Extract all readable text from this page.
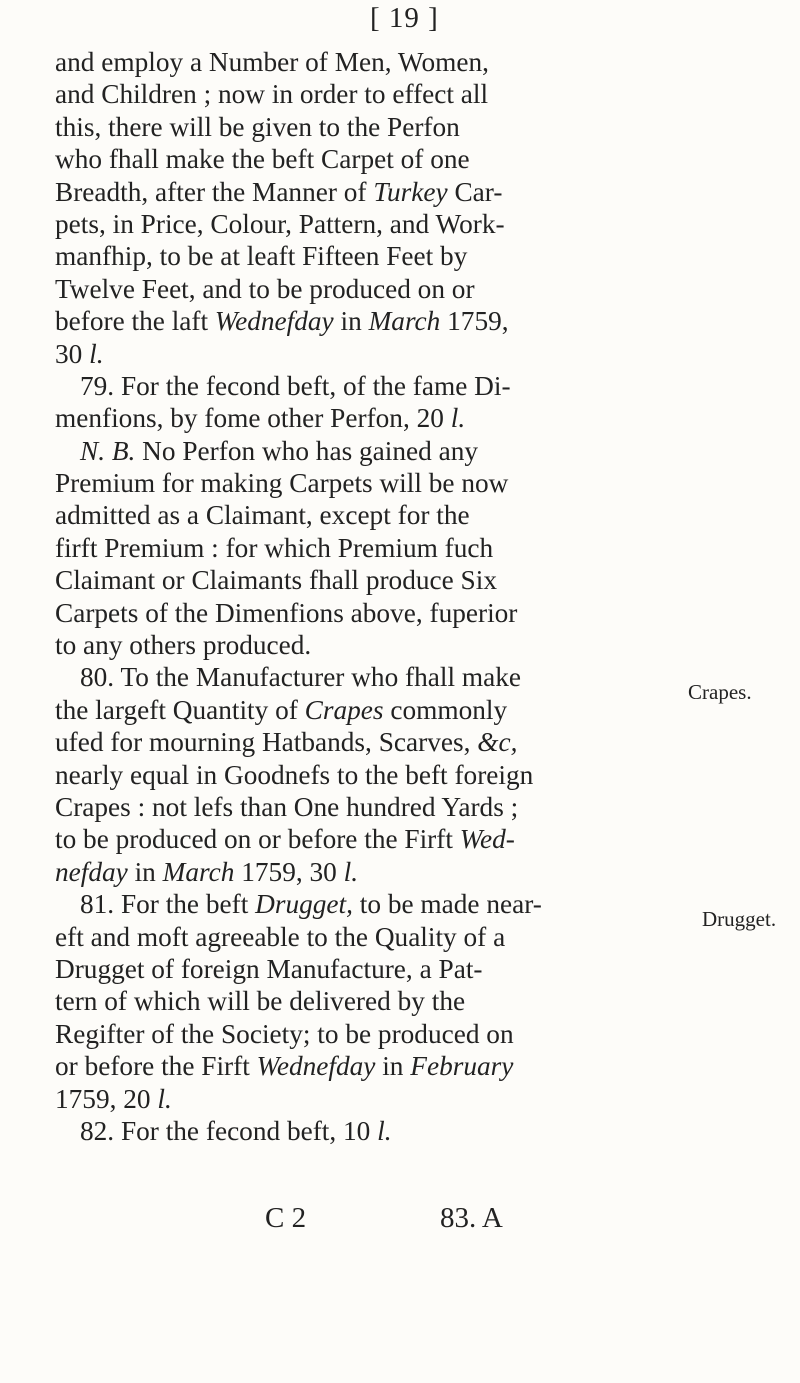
[ 19 ]
and employ a Number of Men, Women,
and Children ; now in order to effect all
this, there will be given to the Perfon
who fhall make the beft Carpet of one
Breadth, after the Manner of Turkey Car-
pets, in Price, Colour, Pattern, and Work-
manfhip, to be at leaft Fifteen Feet by
Twelve Feet, and to be produced on or
before the laft Wednefday in March 1759,
30 l.
79. For the fecond beft, of the fame Di-
menfions, by fome other Perfon, 20 l.
N. B. No Perfon who has gained any
Premium for making Carpets will be now
admitted as a Claimant, except for the
firft Premium : for which Premium fuch
Claimant or Claimants fhall produce Six
Carpets of the Dimenfions above, fuperior
to any others produced.
80. To the Manufacturer who fhall make
the largeft Quantity of Crapes commonly
ufed for mourning Hatbands, Scarves, &c,
nearly equal in Goodnefs to the beft foreign
Crapes : not lefs than One hundred Yards ;
to be produced on or before the Firft Wed-
nefday in March 1759, 30 l.
81. For the beft Drugget, to be made near-
eft and moft agreeable to the Quality of a
Drugget of foreign Manufacture, a Pat-
tern of which will be delivered by the
Regifter of the Society; to be produced on
or before the Firft Wednefday in February
1759, 20 l.
82. For the fecond beft, 10 l.
Crapes.
Drugget.
C 2	83. A
